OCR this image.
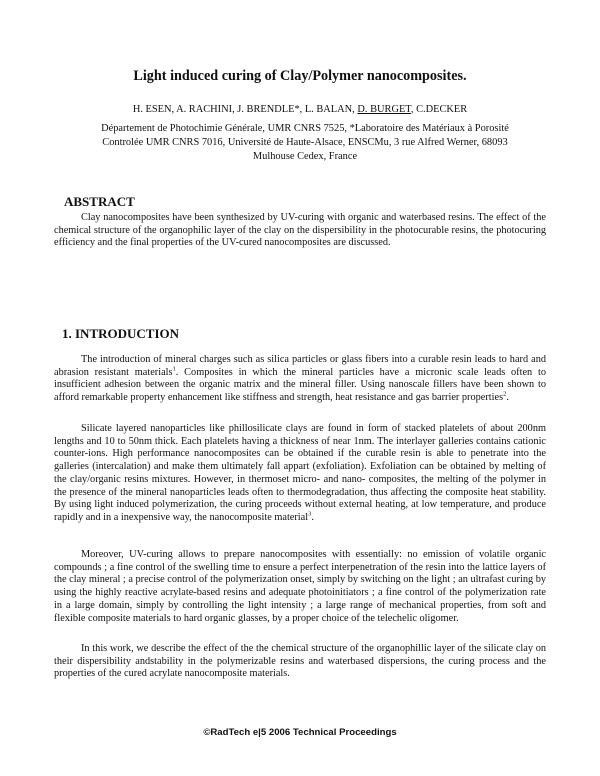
Light induced curing of Clay/Polymer nanocomposites.
H. ESEN, A. RACHINI, J. BRENDLE*, L. BALAN, D. BURGET, C.DECKER
Département de Photochimie Générale, UMR CNRS 7525, *Laboratoire des Matériaux à Porosité
Controlée UMR CNRS 7016, Université de Haute-Alsace, ENSCMu, 3 rue Alfred Werner, 68093
Mulhouse Cedex, France
ABSTRACT

Clay nanocomposites have been synthesized by UV-curing with organic and waterbased resins. The effect of the chemical structure of the organophilic layer of the clay on the dispersibility in the photocurable resins, the photocuring efficiency and the final properties of the UV-cured nanocomposites are discussed.

1. INTRODUCTION

The introduction of mineral charges such as silica particles or glass fibers into a curable resin leads to hard and abrasion resistant materials$^1$. Composites in which the mineral particles have a micronic scale leads often to insufficient adhesion between the organic matrix and the mineral filler. Using nanoscale fillers have been shown to afford remarkable property enhancement like stiffness and strength, heat resistance and gas barrier properties$^2$.

Silicate layered nanoparticles like phillosilicate clays are found in form of stacked platelets of about 200nm lengths and 10 to 50nm thick. Each platelets having a thickness of near 1nm. The interlayer galleries contains cationic counter-ions. High performance nanocomposites can be obtained if the curable resin is able to penetrate into the galleries (intercalation) and make them ultimately fall appart (exfoliation). Exfoliation can be obtained by melting of the clay/organic resins mixtures. However, in thermoset micro- and nano- composites, the melting of the polymer in the presence of the mineral nanoparticles leads often to thermodegradation, thus affecting the composite heat stability. By using light induced polymerization, the curing proceeds without external heating, at low temperature, and produce rapidly and in a inexpensive way, the nanocomposite material$^3$.

Moreover, UV-curing allows to prepare nanocomposites with essentially: no emission of volatile organic compounds ; a fine control of the swelling time to ensure a perfect interpenetration of the resin into the lattice layers of the clay mineral ; a precise control of the polymerization onset, simply by switching on the light ; an ultrafast curing by using the highly reactive acrylate-based resins and adequate photoinitiators ; a fine control of the polymerization rate in a large domain, simply by controlling the light intensity ; a large range of mechanical properties, from soft and flexible composite materials to hard organic glasses, by a proper choice of the telechelic oligomer.

In this work, we describe the effect of the the chemical structure of the organophillic layer of the silicate clay on their dispersibility andstability in the polymerizable resins and waterbased dispersions, the curing process and the properties of the cured acrylate nanocomposite materials.

©RadTech e|5 2006 Technical Proceedings
